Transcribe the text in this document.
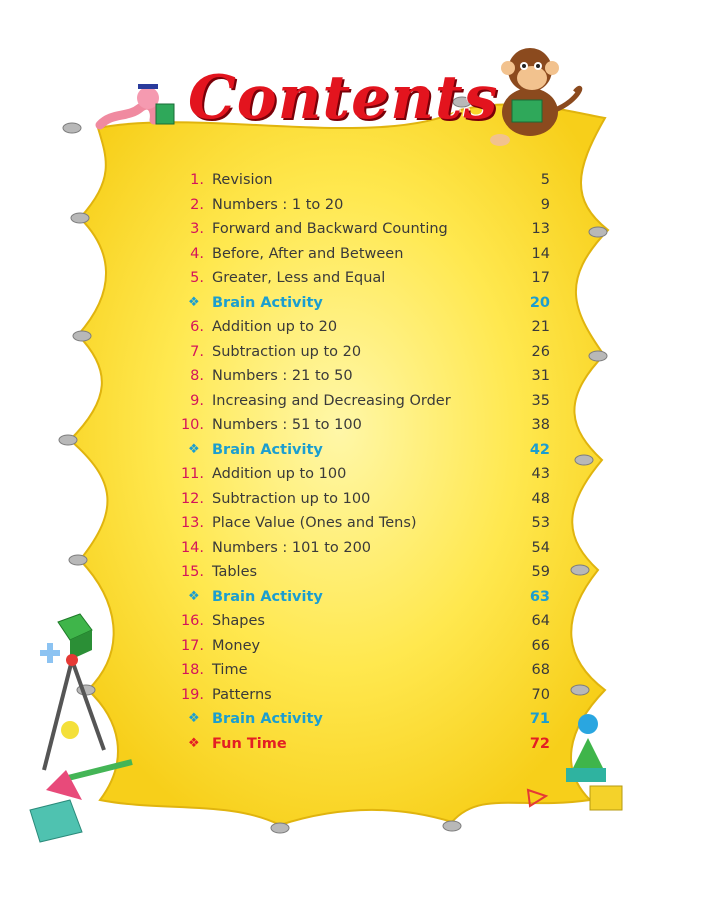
Contents
1. Revision	5
2. Numbers : 1 to 20	9
3. Forward and Backward Counting	13
4. Before, After and Between	14
5. Greater, Less and Equal	17
❖ Brain Activity	20
6. Addition up to 20	21
7. Subtraction up to 20	26
8. Numbers : 21 to 50	31
9. Increasing and Decreasing Order	35
10. Numbers : 51 to 100	38
❖ Brain Activity	42
11. Addition up to 100	43
12. Subtraction up to 100	48
13. Place Value (Ones and Tens)	53
14. Numbers : 101 to 200	54
15. Tables	59
❖ Brain Activity	63
16. Shapes	64
17. Money	66
18. Time	68
19. Patterns	70
❖ Brain Activity	71
❖ Fun Time	72
